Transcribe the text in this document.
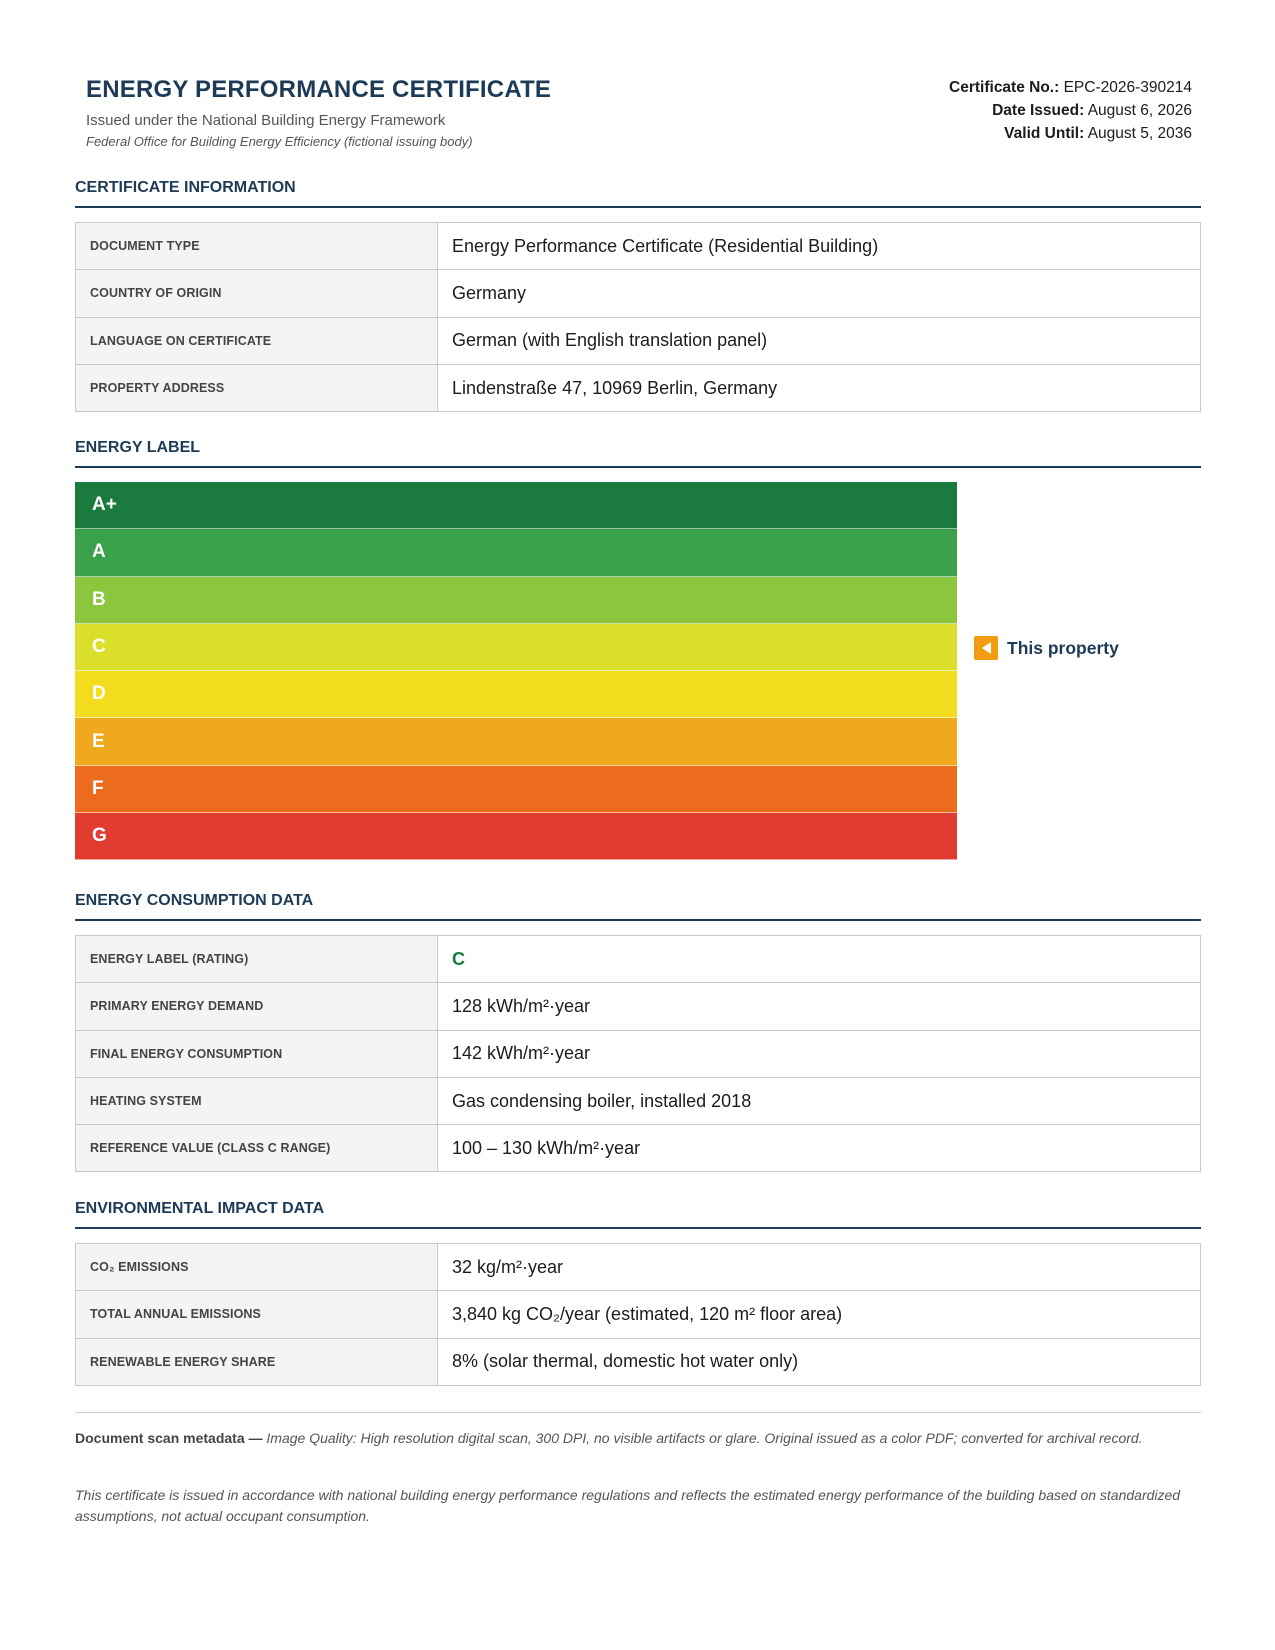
ENERGY PERFORMANCE CERTIFICATE
Issued under the National Building Energy Framework
Federal Office for Building Energy Efficiency (fictional issuing body)
Certificate No.: EPC-2026-390214
Date Issued: August 6, 2026
Valid Until: August 5, 2036
CERTIFICATE INFORMATION
DOCUMENT TYPE	Energy Performance Certificate (Residential Building)
COUNTRY OF ORIGIN	Germany
LANGUAGE ON CERTIFICATE	German (with English translation panel)
PROPERTY ADDRESS	Lindenstraße 47, 10969 Berlin, Germany
ENERGY LABEL
A+
A
B
C
D
E
F
G
This property
ENERGY CONSUMPTION DATA
ENERGY LABEL (RATING)	C
PRIMARY ENERGY DEMAND	128 kWh/m²·year
FINAL ENERGY CONSUMPTION	142 kWh/m²·year
HEATING SYSTEM	Gas condensing boiler, installed 2018
REFERENCE VALUE (CLASS C RANGE)	100 – 130 kWh/m²·year
ENVIRONMENTAL IMPACT DATA
CO₂ EMISSIONS	32 kg/m²·year
TOTAL ANNUAL EMISSIONS	3,840 kg CO₂/year (estimated, 120 m² floor area)
RENEWABLE ENERGY SHARE	8% (solar thermal, domestic hot water only)
Document scan metadata — Image Quality: High resolution digital scan, 300 DPI, no visible artifacts or glare. Original issued as a color PDF; converted for archival record.
This certificate is issued in accordance with national building energy performance regulations and reflects the estimated energy performance of the building based on standardized assumptions, not actual occupant consumption.
